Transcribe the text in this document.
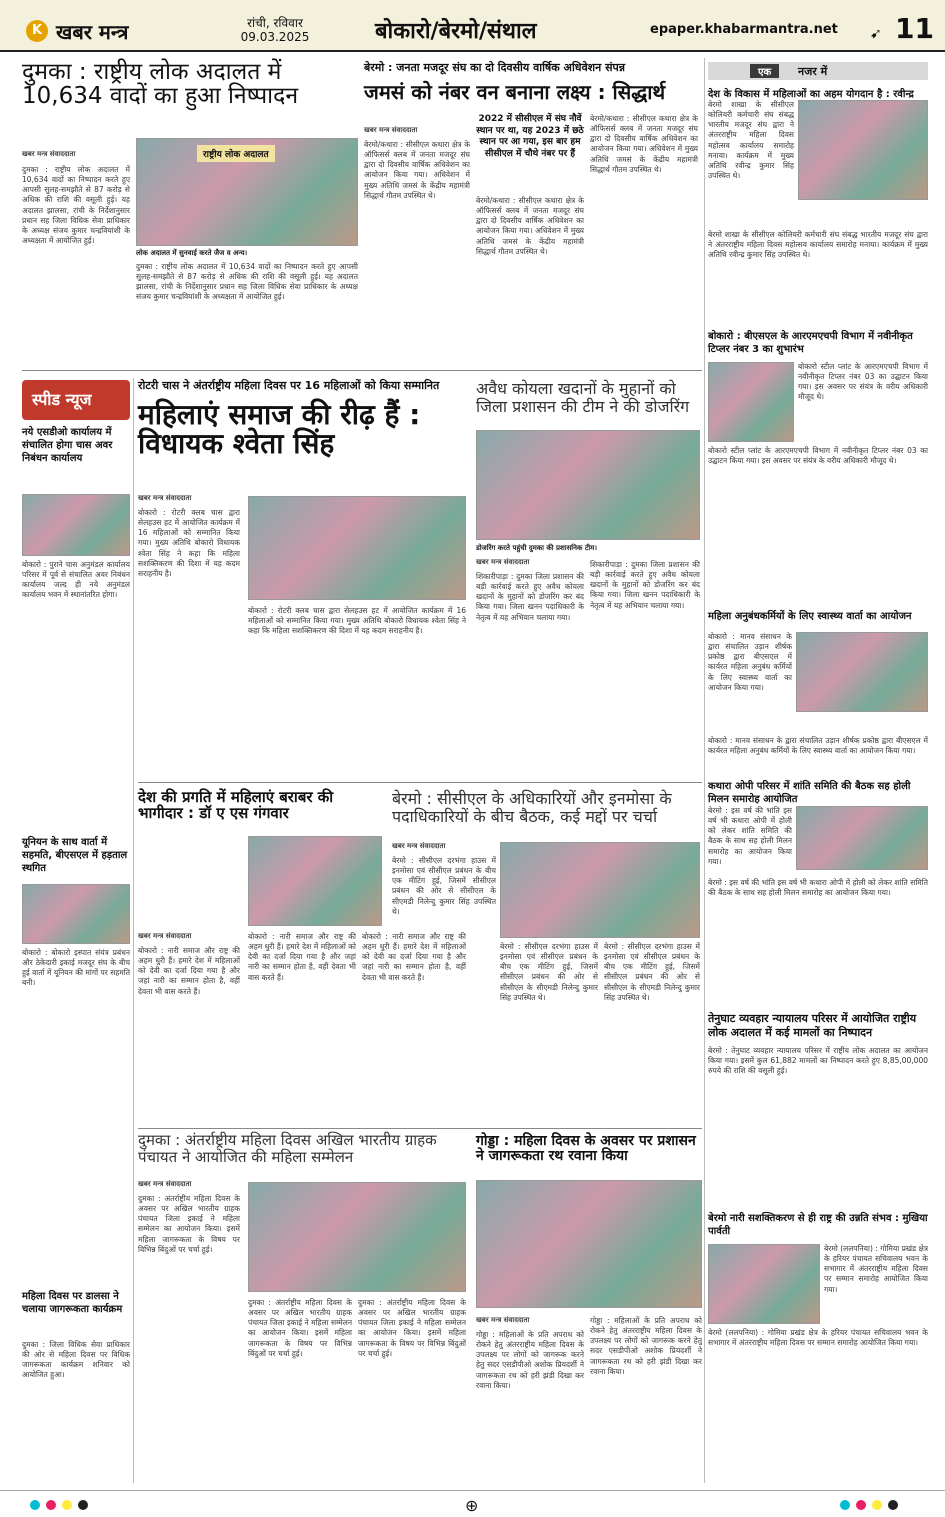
K खबर मन्त्र	रांची, रविवार
09.03.2025	बोकारो/बेरमो/संथाल	epaper.khabarmantra.net ➹ 11
दुमका : राष्ट्रीय लोक अदालत में 10,634 वादों का हुआ निष्पादन
खबर मन्त्र संवाददाता
दुमका : राष्ट्रीय लोक अदालत में 10,634 वादों का निष्पादन करते हुए आपसी सुलह-समझौते से 87 करोड़ से अधिक की राशि की वसूली हुई। यह अदालत झालसा, रांची के निर्देशानुसार प्रधान सह जिला विधिक सेवा प्राधिकार के अध्यक्ष संजय कुमार चन्द्रवियांशी के अध्यक्षता में आयोजित हुई।
राष्ट्रीय लोक अदालत
लोक अदालत में सुनवाई करते जैज व अन्य।
दुमका : राष्ट्रीय लोक अदालत में 10,634 वादों का निष्पादन करते हुए आपसी सुलह-समझौते से 87 करोड़ से अधिक की राशि की वसूली हुई। यह अदालत झालसा, रांची के निर्देशानुसार प्रधान सह जिला विधिक सेवा प्राधिकार के अध्यक्ष संजय कुमार चन्द्रवियांशी के अध्यक्षता में आयोजित हुई।
बेरमो : जनता मजदूर संघ का दो दिवसीय वार्षिक अधिवेशन संपन्न
जमसं को नंबर वन बनाना लक्ष्य : सिद्धार्थ
खबर मन्त्र संवाददाता
बेरमो/कथारा : सीसीएल कथारा क्षेत्र के ऑफिसर्स क्लब में जनता मजदूर संघ द्वारा दो दिवसीय वार्षिक अधिवेशन का आयोजन किया गया। अधिवेशन में मुख्य अतिथि जमसं के केंद्रीय महामंत्री सिद्धार्थ गौतम उपस्थित थे।
2022 में सीसीएल में संघ नौवें स्थान पर था, यह 2023 में छठे स्थान पर आ गया, इस बार हम सीसीएल में चौथे नंबर पर हैं
बेरमो/कथारा : सीसीएल कथारा क्षेत्र के ऑफिसर्स क्लब में जनता मजदूर संघ द्वारा दो दिवसीय वार्षिक अधिवेशन का आयोजन किया गया। अधिवेशन में मुख्य अतिथि जमसं के केंद्रीय महामंत्री सिद्धार्थ गौतम उपस्थित थे।
बेरमो/कथारा : सीसीएल कथारा क्षेत्र के ऑफिसर्स क्लब में जनता मजदूर संघ द्वारा दो दिवसीय वार्षिक अधिवेशन का आयोजन किया गया। अधिवेशन में मुख्य अतिथि जमसं के केंद्रीय महामंत्री सिद्धार्थ गौतम उपस्थित थे।
एक	नजर में
देश के विकास में महिलाओं का अहम योगदान है : रवीन्द्र
बेरमो शाखा के सीसीएल कोलियरी कर्मचारी संघ संबद्ध भारतीय मजदूर संघ द्वारा ने अंतरराष्ट्रीय महिला दिवस महोत्सव कार्यालय समारोह मनाया। कार्यक्रम में मुख्य अतिथि रवीन्द्र कुमार सिंह उपस्थित थे।
बेरमो शाखा के सीसीएल कोलियरी कर्मचारी संघ संबद्ध भारतीय मजदूर संघ द्वारा ने अंतरराष्ट्रीय महिला दिवस महोत्सव कार्यालय समारोह मनाया। कार्यक्रम में मुख्य अतिथि रवीन्द्र कुमार सिंह उपस्थित थे।
बोकारो : बीएसएल के आरएमएचपी विभाग में नवीनीकृत टिप्लर नंबर 3 का शुभारंभ
बोकारो स्टील प्लांट के आरएमएचपी विभाग में नवीनीकृत टिप्लर नंबर 03 का उद्घाटन किया गया। इस अवसर पर संयंत्र के वरीय अधिकारी मौजूद थे।
बोकारो स्टील प्लांट के आरएमएचपी विभाग में नवीनीकृत टिप्लर नंबर 03 का उद्घाटन किया गया। इस अवसर पर संयंत्र के वरीय अधिकारी मौजूद थे।
रोटरी चास ने अंतर्राष्ट्रीय महिला दिवस पर 16 महिलाओं को किया सम्मानित
महिलाएं समाज की रीढ़ हैं : विधायक श्वेता सिंह
खबर मन्त्र संवाददाता
बोकारो : रोटरी क्लब चास द्वारा सेलहउस हट में आयोजित कार्यक्रम में 16 महिलाओं को सम्मानित किया गया। मुख्य अतिथि बोकारो विधायक श्वेता सिंह ने कहा कि महिला सशक्तिकरण की दिशा में यह कदम सराहनीय है।
बोकारो : रोटरी क्लब चास द्वारा सेलहउस हट में आयोजित कार्यक्रम में 16 महिलाओं को सम्मानित किया गया। मुख्य अतिथि बोकारो विधायक श्वेता सिंह ने कहा कि महिला सशक्तिकरण की दिशा में यह कदम सराहनीय है।
स्पीड न्यूज
नये एसडीओ कार्यालय में संचालित होगा चास अवर निबंधन कार्यालय
बोकारो : पुराने चास अनुमंडल कार्यालय परिसर में पूर्व से संचालित अवर निबंधन कार्यालय जल्द ही नये अनुमंडल कार्यालय भवन में स्थानांतरित होगा।
यूनियन के साथ वार्ता में सहमति, बीएसएल में हड़ताल स्थगित
बोकारो : बोकारो इस्पात संयंत्र प्रबंधन और ठेकेदारी इकाई मजदूर संघ के बीच हुई वार्ता में यूनियन की मांगों पर सहमति बनी।
महिला दिवस पर डालसा ने चलाया जागरूकता कार्यक्रम
दुमका : जिला विधिक सेवा प्राधिकार की ओर से महिला दिवस पर विधिक जागरूकता कार्यक्रम शनिवार को आयोजित हुआ।
अवैध कोयला खदानों के मुहानों को जिला प्रशासन की टीम ने की डोजरिंग
डोजरिंग करते पहुंची दुमका की प्रशासनिक टीम।
खबर मन्त्र संवाददाता
शिकारीपाड़ा : दुमका जिला प्रशासन की बड़ी कार्रवाई करते हुए अवैध कोयला खदानों के मुहानों को डोजरिंग कर बंद किया गया। जिला खनन पदाधिकारी के नेतृत्व में यह अभियान चलाया गया।
शिकारीपाड़ा : दुमका जिला प्रशासन की बड़ी कार्रवाई करते हुए अवैध कोयला खदानों के मुहानों को डोजरिंग कर बंद किया गया। जिला खनन पदाधिकारी के नेतृत्व में यह अभियान चलाया गया।
महिला अनुबंधकर्मियों के लिए स्वास्थ्य वार्ता का आयोजन
बोकारो : मानव संसाधन के द्वारा संचालित उड़ान शीर्षक प्रकोष्ठ द्वारा बीएसएल में कार्यरत महिला अनुबंध कर्मियों के लिए स्वास्थ्य वार्ता का आयोजन किया गया।
बोकारो : मानव संसाधन के द्वारा संचालित उड़ान शीर्षक प्रकोष्ठ द्वारा बीएसएल में कार्यरत महिला अनुबंध कर्मियों के लिए स्वास्थ्य वार्ता का आयोजन किया गया।
कथारा ओपी परिसर में शांति समिति की बैठक सह होली मिलन समारोह आयोजित
बेरमो : इस वर्ष की भांति इस वर्ष भी कथारा ओपी में होली को लेकर शांति समिति की बैठक के साथ सह होली मिलन समारोह का आयोजन किया गया।
बेरमो : इस वर्ष की भांति इस वर्ष भी कथारा ओपी में होली को लेकर शांति समिति की बैठक के साथ सह होली मिलन समारोह का आयोजन किया गया।
तेनुघाट व्यवहार न्यायालय परिसर में आयोजित राष्ट्रीय लोक अदालत में कई मामलों का निष्पादन
बेरमो : तेनुघाट व्यवहार न्यायालय परिसर में राष्ट्रीय लोक अदालत का आयोजन किया गया। इसमें कुल 61,882 मामलों का निष्पादन करते हुए 8,85,00,000 रुपये की राशि की वसूली हुई।
बेरमो नारी सशक्तिकरण से ही राष्ट्र की उन्नति संभव : मुखिया पार्वती
बेरमो (ललपनिया) : गोमिया प्रखंड क्षेत्र के हरियर पंचायत सचिवालय भवन के सभागार में अंतरराष्ट्रीय महिला दिवस पर सम्मान समारोह आयोजित किया गया।
बेरमो (ललपनिया) : गोमिया प्रखंड क्षेत्र के हरियर पंचायत सचिवालय भवन के सभागार में अंतरराष्ट्रीय महिला दिवस पर सम्मान समारोह आयोजित किया गया।
देश की प्रगति में महिलाएं बराबर की भागीदार : डॉ ए एस गंगवार
खबर मन्त्र संवाददाता
बोकारो : नारी समाज और राष्ट्र की अहम धुरी हैं। हमारे देश में महिलाओं को देवी का दर्जा दिया गया है और जहां नारी का सम्मान होता है, वहीं देवता भी वास करते हैं।
बोकारो : नारी समाज और राष्ट्र की अहम धुरी हैं। हमारे देश में महिलाओं को देवी का दर्जा दिया गया है और जहां नारी का सम्मान होता है, वहीं देवता भी वास करते हैं।
बोकारो : नारी समाज और राष्ट्र की अहम धुरी हैं। हमारे देश में महिलाओं को देवी का दर्जा दिया गया है और जहां नारी का सम्मान होता है, वहीं देवता भी वास करते हैं।
बेरमो : सीसीएल के अधिकारियों और इनमोसा के पदाधिकारियों के बीच बैठक, कई मद्दों पर चर्चा
खबर मन्त्र संवाददाता
बेरमो : सीसीएल दरभंगा हाउस में इनमोसा एवं सीसीएल प्रबंधन के बीच एक मीटिंग हुई, जिसमें सीसीएल प्रबंधन की ओर से सीसीएल के सीएमडी निलेन्दु कुमार सिंह उपस्थित थे।
बेरमो : सीसीएल दरभंगा हाउस में इनमोसा एवं सीसीएल प्रबंधन के बीच एक मीटिंग हुई, जिसमें सीसीएल प्रबंधन की ओर से सीसीएल के सीएमडी निलेन्दु कुमार सिंह उपस्थित थे।
बेरमो : सीसीएल दरभंगा हाउस में इनमोसा एवं सीसीएल प्रबंधन के बीच एक मीटिंग हुई, जिसमें सीसीएल प्रबंधन की ओर से सीसीएल के सीएमडी निलेन्दु कुमार सिंह उपस्थित थे।
दुमका : अंतर्राष्ट्रीय महिला दिवस अखिल भारतीय ग्राहक पंचायत ने आयोजित की महिला सम्मेलन
खबर मन्त्र संवाददाता
दुमका : अंतर्राष्ट्रीय महिला दिवस के अवसर पर अखिल भारतीय ग्राहक पंचायत जिला इकाई ने महिला सम्मेलन का आयोजन किया। इसमें महिला जागरूकता के विषय पर विभिन्न बिंदुओं पर चर्चा हुई।
दुमका : अंतर्राष्ट्रीय महिला दिवस के अवसर पर अखिल भारतीय ग्राहक पंचायत जिला इकाई ने महिला सम्मेलन का आयोजन किया। इसमें महिला जागरूकता के विषय पर विभिन्न बिंदुओं पर चर्चा हुई।
दुमका : अंतर्राष्ट्रीय महिला दिवस के अवसर पर अखिल भारतीय ग्राहक पंचायत जिला इकाई ने महिला सम्मेलन का आयोजन किया। इसमें महिला जागरूकता के विषय पर विभिन्न बिंदुओं पर चर्चा हुई।
गोड्डा : महिला दिवस के अवसर पर प्रशासन ने जागरूकता रथ रवाना किया
खबर मन्त्र संवाददाता
गोड्डा : महिलाओं के प्रति अपराध को रोकने हेतु अंतरराष्ट्रीय महिला दिवस के उपलक्ष्य पर लोगों को जागरूक करने हेतु सदर एसडीपीओ अशोक प्रियदर्शी ने जागरूकता रथ को हरी झंडी दिखा कर रवाना किया।
गोड्डा : महिलाओं के प्रति अपराध को रोकने हेतु अंतरराष्ट्रीय महिला दिवस के उपलक्ष्य पर लोगों को जागरूक करने हेतु सदर एसडीपीओ अशोक प्रियदर्शी ने जागरूकता रथ को हरी झंडी दिखा कर रवाना किया।
⊕
